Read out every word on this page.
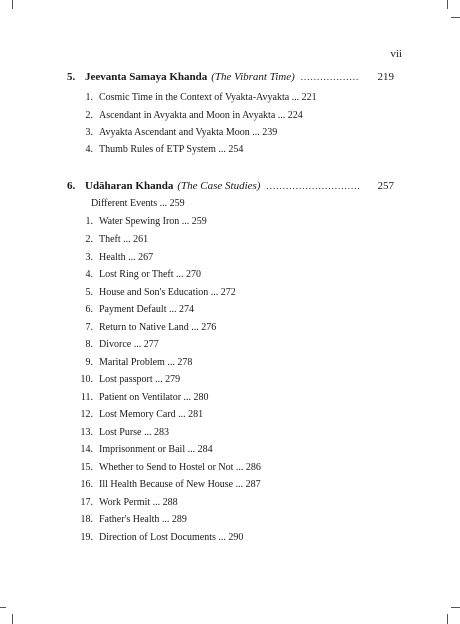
vii
5. Jeevanta Samaya Khanda (The Vibrant Time) .....	219
1. Cosmic Time in the Context of Vyakta-Avyakta ... 221
2. Ascendant in Avyakta and Moon in Avyakta ... 224
3. Avyakta Ascendant and Vyakta Moon ... 239
4. Thumb Rules of ETP System ... 254
6. Udāharan Khanda (The Case Studies) .....	257
Different Events ... 259
1. Water Spewing Iron ... 259
2. Theft ... 261
3. Health ... 267
4. Lost Ring or Theft ... 270
5. House and Son's Education ... 272
6. Payment Default ... 274
7. Return to Native Land ... 276
8. Divorce ... 277
9. Marital Problem ... 278
10. Lost passport ... 279
11. Patient on Ventilator ... 280
12. Lost Memory Card ... 281
13. Lost Purse ... 283
14. Imprisonment or Bail ... 284
15. Whether to Send to Hostel or Not ... 286
16. Ill Health Because of New House ... 287
17. Work Permit ... 288
18. Father's Health ... 289
19. Direction of Lost Documents ... 290
